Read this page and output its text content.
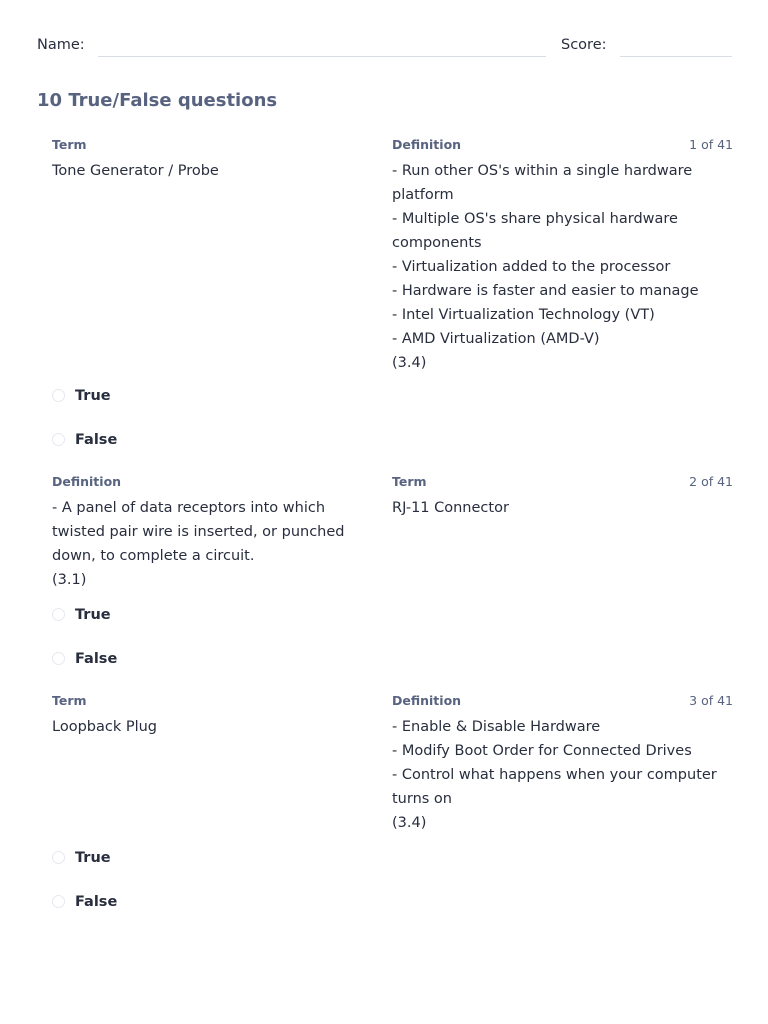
Name:	Score:
10 True/False questions
Term
Tone Generator / Probe
Definition
- Run other OS's within a single hardware platform
- Multiple OS's share physical hardware components
- Virtualization added to the processor
- Hardware is faster and easier to manage
- Intel Virtualization Technology (VT)
- AMD Virtualization (AMD-V)
(3.4)
1 of 41
True
False
Definition
- A panel of data receptors into which twisted pair wire is inserted, or punched down, to complete a circuit.
(3.1)
Term
RJ-11 Connector
2 of 41
True
False
Term
Loopback Plug
Definition
- Enable & Disable Hardware
- Modify Boot Order for Connected Drives
- Control what happens when your computer turns on
(3.4)
3 of 41
True
False
